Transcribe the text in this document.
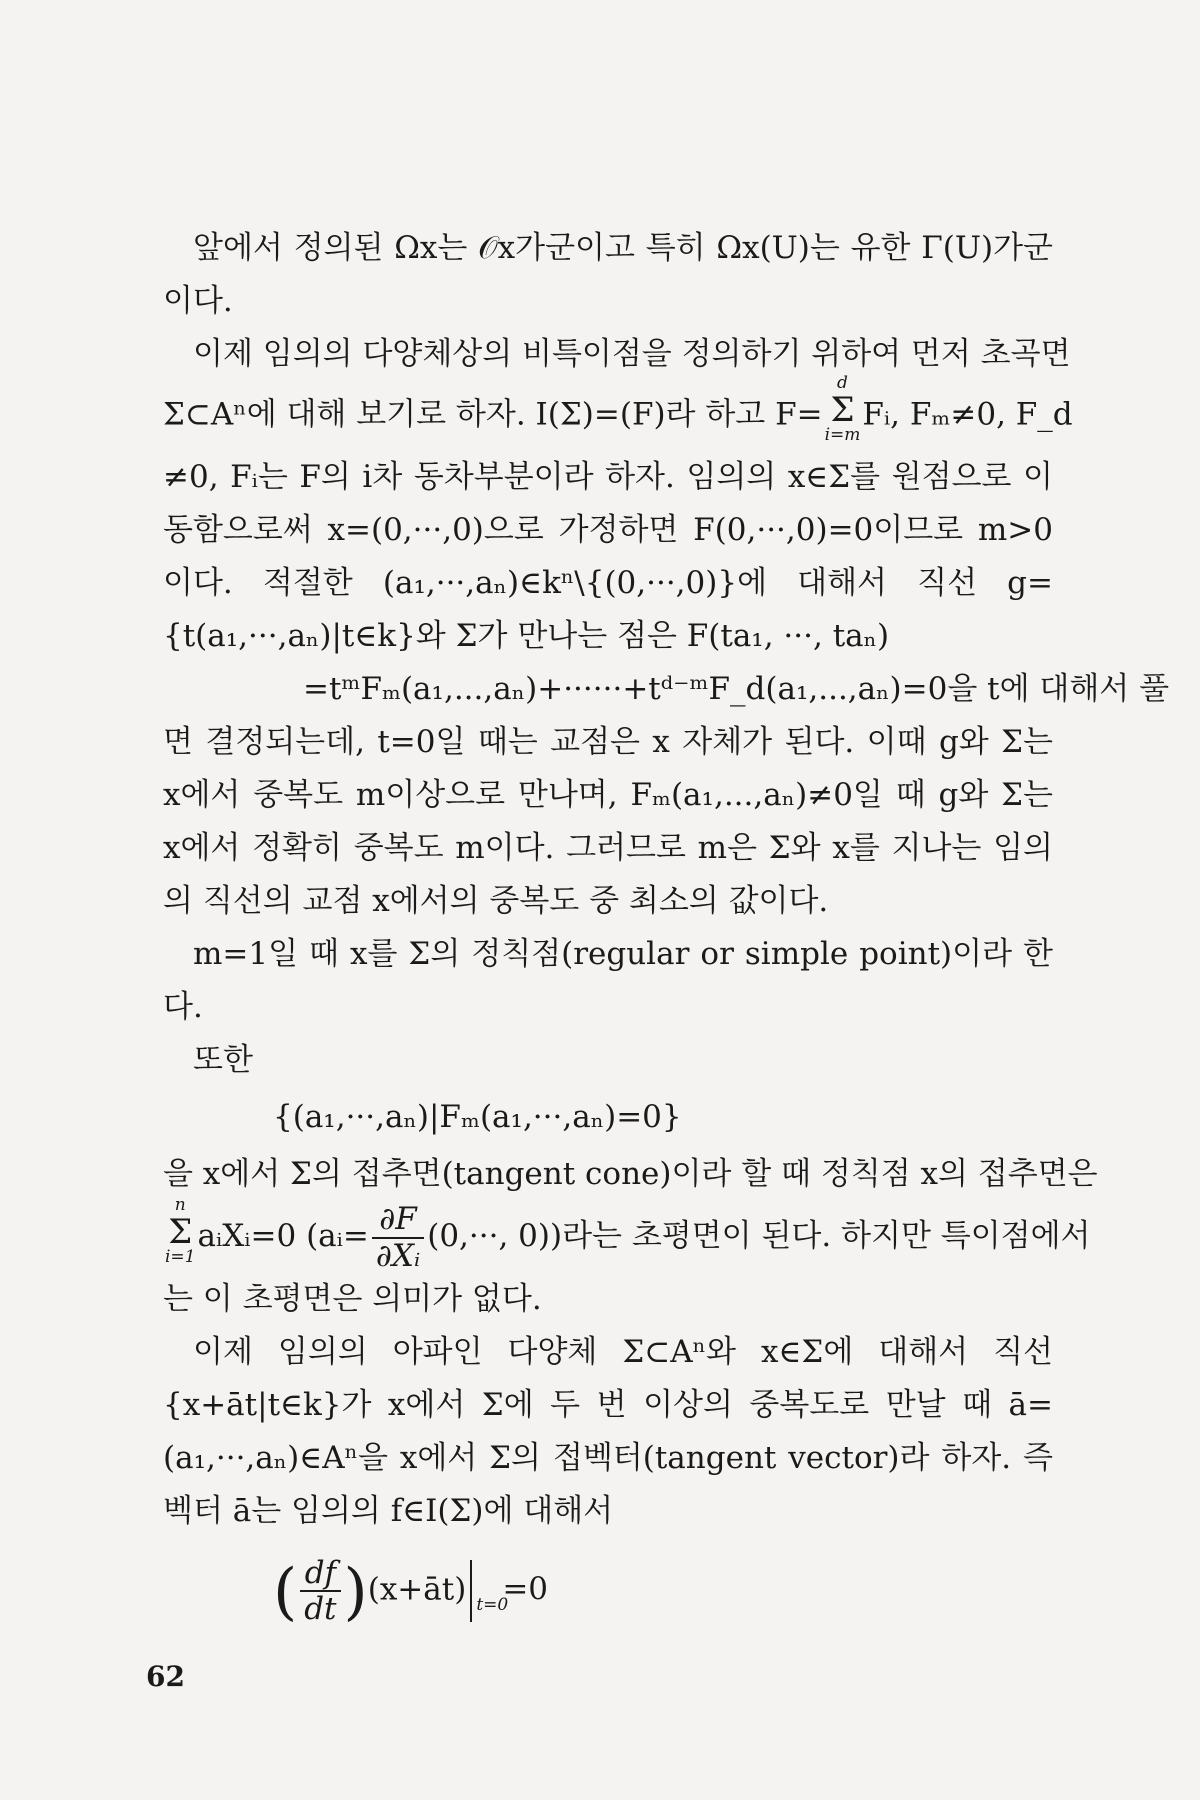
앞에서 정의된 Ωx는 𝒪x가군이고 특히 Ωx(U)는 유한 Γ(U)가군이다.

이제 임의의 다양체상의 비특이점을 정의하기 위하여 먼저 초곡면

Σ⊂Aⁿ에 대해 보기로 하자. I(Σ)=(F)라 하고 F=
d
Σ
i=m
Fᵢ, Fₘ≠0, F_d

≠0, Fᵢ는 F의 i차 동차부분이라 하자. 임의의 x∈Σ를 원점으로 이동함으로써 x=(0,···,0)으로 가정하면 F(0,···,0)=0이므로 m>0이다. 적절한 (a₁,···,aₙ)∈kⁿ\{(0,···,0)}에 대해서 직선 g={t(a₁,···,aₙ)|t∈k}와 Σ가 만나는 점은 F(ta₁, ···, taₙ)

=tᵐFₘ(a₁,...,aₙ)+······+tᵈ⁻ᵐF_d(a₁,...,aₙ)=0을 t에 대해서 풀

면 결정되는데, t=0일 때는 교점은 x 자체가 된다. 이때 g와 Σ는 x에서 중복도 m이상으로 만나며, Fₘ(a₁,...,aₙ)≠0일 때 g와 Σ는 x에서 정확히 중복도 m이다. 그러므로 m은 Σ와 x를 지나는 임의의 직선의 교점 x에서의 중복도 중 최소의 값이다.

m=1일 때 x를 Σ의 정칙점(regular or simple point)이라 한다.

또한

{(a₁,···,aₙ)|Fₘ(a₁,···,aₙ)=0}

을 x에서 Σ의 접추면(tangent cone)이라 할 때 정칙점 x의 접추면은

n
Σ
i=1
aᵢXᵢ=0 (aᵢ= $\frac{\partial F}{\text{∂Xᵢ}} (0,\cdot\cdot\cdot$, 0))라는 초평면이 된다. 하지만 특이점에서

는 이 초평면은 의미가 없다.

이제 임의의 아파인 다양체 Σ⊂Aⁿ와 x∈Σ에 대해서 직선 {x+āt|t∈k}가 x에서 Σ에 두 번 이상의 중복도로 만날 때 ā=(a₁,···,aₙ)∈Aⁿ을 x에서 Σ의 접벡터(tangent vector)라 하자. 즉 벡터 ā는 임의의 f∈I(Σ)에 대해서

( $\frac{df}{dt}$ )(x+āt) t=0
=0
62
